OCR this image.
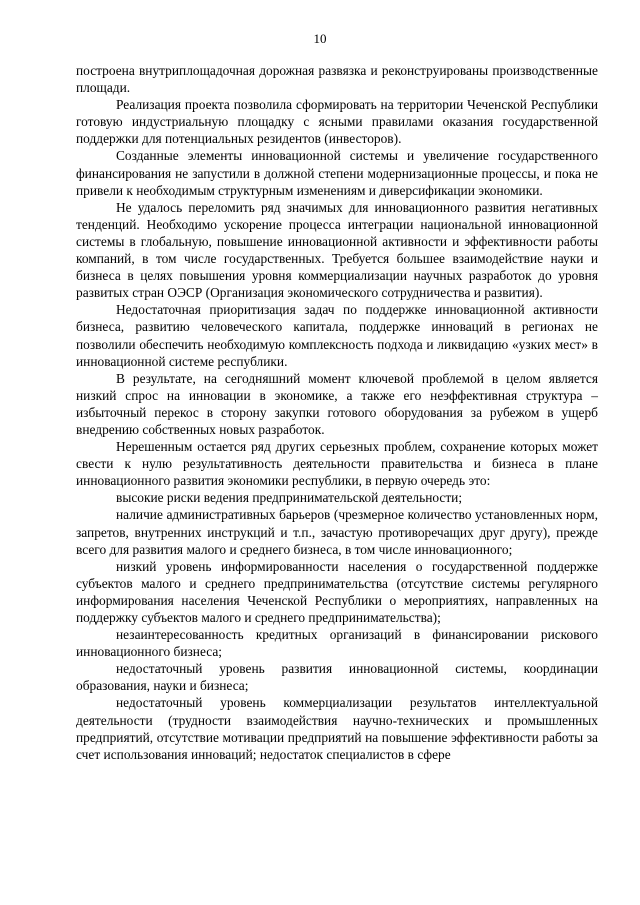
10

построена внутриплощадочная дорожная развязка и реконструированы производственные площади.

Реализация проекта позволила сформировать на территории Чеченской Республики готовую индустриальную площадку с ясными правилами оказания государственной поддержки для потенциальных резидентов (инвесторов).

Созданные элементы инновационной системы и увеличение государственного финансирования не запустили в должной степени модернизационные процессы, и пока не привели к необходимым структурным изменениям и диверсификации экономики.

Не удалось переломить ряд значимых для инновационного развития негативных тенденций. Необходимо ускорение процесса интеграции национальной инновационной системы в глобальную, повышение инновационной активности и эффективности работы компаний, в том числе государственных. Требуется большее взаимодействие науки и бизнеса в целях повышения уровня коммерциализации научных разработок до уровня развитых стран ОЭСР (Организация экономического сотрудничества и развития).

Недостаточная приоритизация задач по поддержке инновационной активности бизнеса, развитию человеческого капитала, поддержке инноваций в регионах не позволили обеспечить необходимую комплексность подхода и ликвидацию «узких мест» в инновационной системе республики.

В результате, на сегодняшний момент ключевой проблемой в целом является низкий спрос на инновации в экономике, а также его неэффективная структура – избыточный перекос в сторону закупки готового оборудования за рубежом в ущерб внедрению собственных новых разработок.

Нерешенным остается ряд других серьезных проблем, сохранение которых может свести к нулю результативность деятельности правительства и бизнеса в плане инновационного развития экономики республики, в первую очередь это:

высокие риски ведения предпринимательской деятельности;

наличие административных барьеров (чрезмерное количество установленных норм, запретов, внутренних инструкций и т.п., зачастую противоречащих друг другу), прежде всего для развития малого и среднего бизнеса, в том числе инновационного;

низкий уровень информированности населения о государственной поддержке субъектов малого и среднего предпринимательства (отсутствие системы регулярного информирования населения Чеченской Республики о мероприятиях, направленных на поддержку субъектов малого и среднего предпринимательства);

незаинтересованность кредитных организаций в финансировании рискового инновационного бизнеса;

недостаточный уровень развития инновационной системы, координации образования, науки и бизнеса;

недостаточный уровень коммерциализации результатов интеллектуальной деятельности (трудности взаимодействия научно-технических и промышленных предприятий, отсутствие мотивации предприятий на повышение эффективности работы за счет использования инноваций; недостаток специалистов в сфере
